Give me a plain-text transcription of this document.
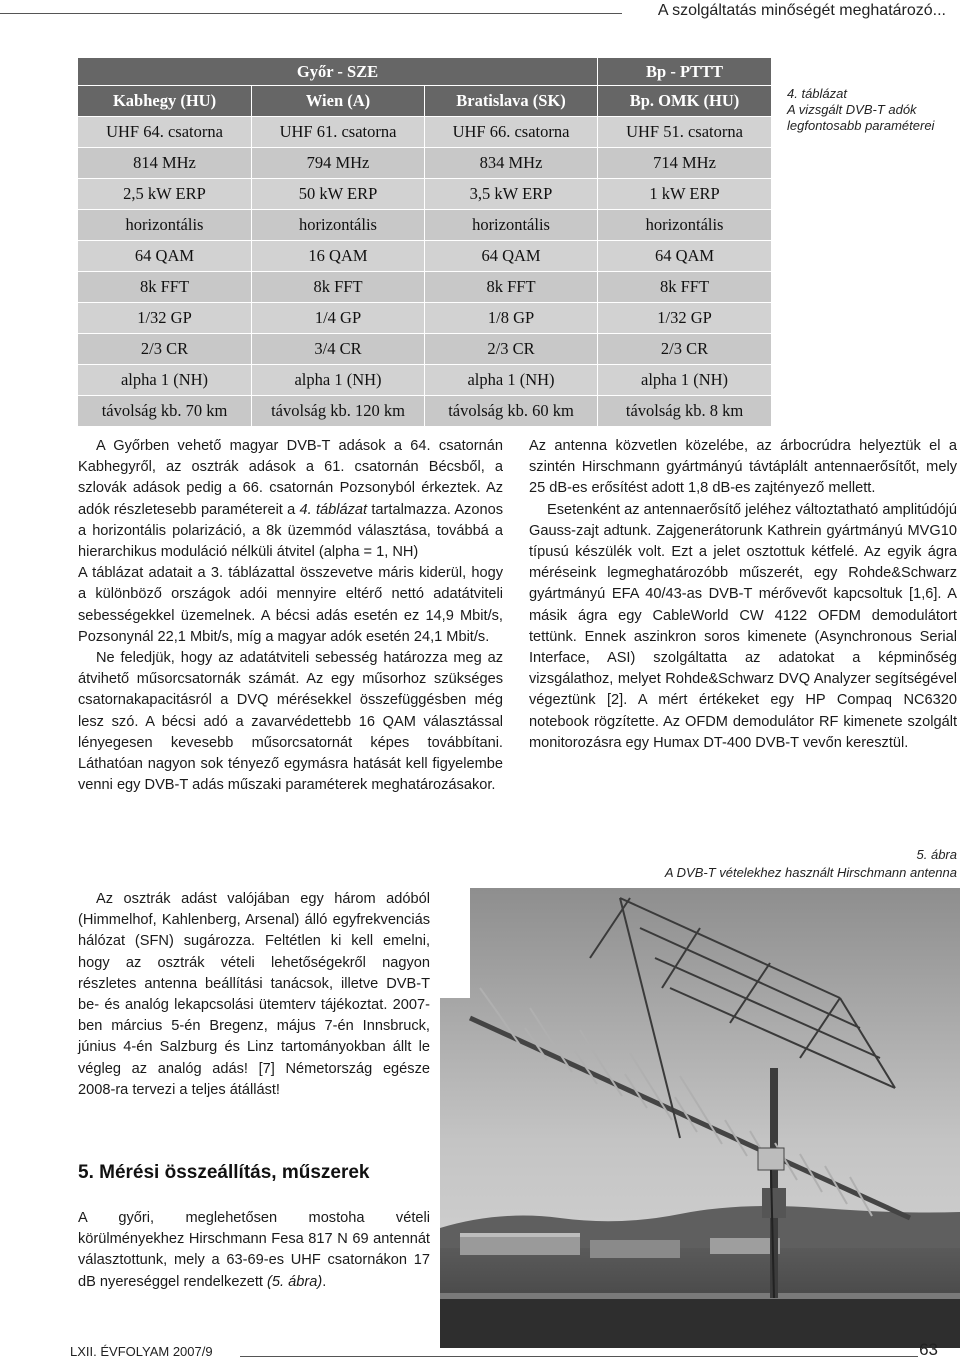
A szolgáltatás minőségét meghatározó...
Győr - SZE			Bp - PTTT
Kabhegy (HU)	Wien (A)	Bratislava (SK)	Bp. OMK (HU)
UHF 64. csatorna	UHF 61. csatorna	UHF 66. csatorna	UHF 51. csatorna
814 MHz	794 MHz	834 MHz	714 MHz
2,5 kW ERP	50 kW ERP	3,5 kW ERP	1 kW ERP
horizontális	horizontális	horizontális	horizontális
64 QAM	16 QAM	64 QAM	64 QAM
8k FFT	8k FFT	8k FFT	8k FFT
1/32 GP	1/4 GP	1/8 GP	1/32 GP
2/3 CR	3/4 CR	2/3 CR	2/3 CR
alpha 1 (NH)	alpha 1 (NH)	alpha 1 (NH)	alpha 1 (NH)
távolság kb. 70 km	távolság kb. 120 km	távolság kb. 60 km	távolság kb. 8 km
4. táblázat
A vizsgált DVB-T adók legfontosabb paraméterei

A Győrben vehető magyar DVB-T adások a 64. csatornán Kabhegyről, az osztrák adások a 61. csatornán Bécsből, a szlovák adások pedig a 66. csatornán Pozsonyból érkeztek. Az adók részletesebb paramétereit a 4. táblázat tartalmazza. Azonos a horizontális polarizáció, a 8k üzemmód választása, továbbá a hierarchikus moduláció nélküli átvitel (alpha = 1, NH)

A táblázat adatait a 3. táblázattal összevetve máris kiderül, hogy a különböző országok adói mennyire eltérő nettó adatátviteli sebességekkel üzemelnek. A bécsi adás esetén ez 14,9 Mbit/s, Pozsonynál 22,1 Mbit/s, míg a magyar adók esetén 24,1 Mbit/s.

Ne feledjük, hogy az adatátviteli sebesség határozza meg az átvihető műsorcsatornák számát. Az egy műsorhoz szükséges csatornakapacitásról a DVQ mérésekkel összefüggésben még lesz szó. A bécsi adó a zavarvédettebb 16 QAM választással lényegesen kevesebb műsorcsatornát képes továbbítani. Láthatóan nagyon sok tényező egymásra hatását kell figyelembe venni egy DVB-T adás műszaki paraméterek meghatározásakor.

Az osztrák adást valójában egy három adóból (Himmelhof, Kahlenberg, Arsenal) álló egyfrekvenciás hálózat (SFN) sugározza. Feltétlen ki kell emelni, hogy az osztrák vételi lehetőségekről nagyon részletes antenna beállítási tanácsok, illetve DVB-T be- és analóg lekapcsolási ütemterv tájékoztat. 2007-ben március 5-én Bregenz, május 7-én Innsbruck, június 4-én Salzburg és Linz tartományokban állt le végleg az analóg adás! [7] Németország egésze 2008-ra tervezi a teljes átállást!

Az antenna közvetlen közelébe, az árbocrúdra helyeztük el a szintén Hirschmann gyártmányú távtáplált antennaerősítőt, mely 25 dB-es erősítést adott 1,8 dB-es zajtényező mellett.

Esetenként az antennaerősítő jeléhez változtatható amplitúdójú Gauss-zajt adtunk. Zajgenerátorunk Kathrein gyártmányú MVG10 típusú készülék volt. Ezt a jelet osztottuk kétfelé. Az egyik ágra méréseink legmeghatározóbb műszerét, egy Rohde&Schwarz gyártmányú EFA 40/43-as DVB-T mérővevőt kapcsoltuk [1,6]. A másik ágra egy CableWorld CW 4122 OFDM demodulátort tettünk. Ennek aszinkron soros kimenete (Asynchronous Serial Interface, ASI) szolgáltatta az adatokat a képminőség vizsgálathoz, melyet Rohde&Schwarz DVQ Analyzer segítségével végeztünk [2]. A mért értékeket egy HP Compaq NC6320 notebook rögzítette. Az OFDM demodulátor RF kimenete szolgált monitorozásra egy Humax DT-400 DVB-T vevőn keresztül.

5. ábra
A DVB-T vételekhez használt Hirschmann antenna
5. Mérési összeállítás, műszerek

A győri, meglehetősen mostoha vételi körülményekhez Hirschmann Fesa 817 N 69 antennát választottunk, mely a 63-69-es UHF csatornákon 17 dB nyereséggel rendelkezett (5. ábra).

LXII. ÉVFOLYAM 2007/9	63
